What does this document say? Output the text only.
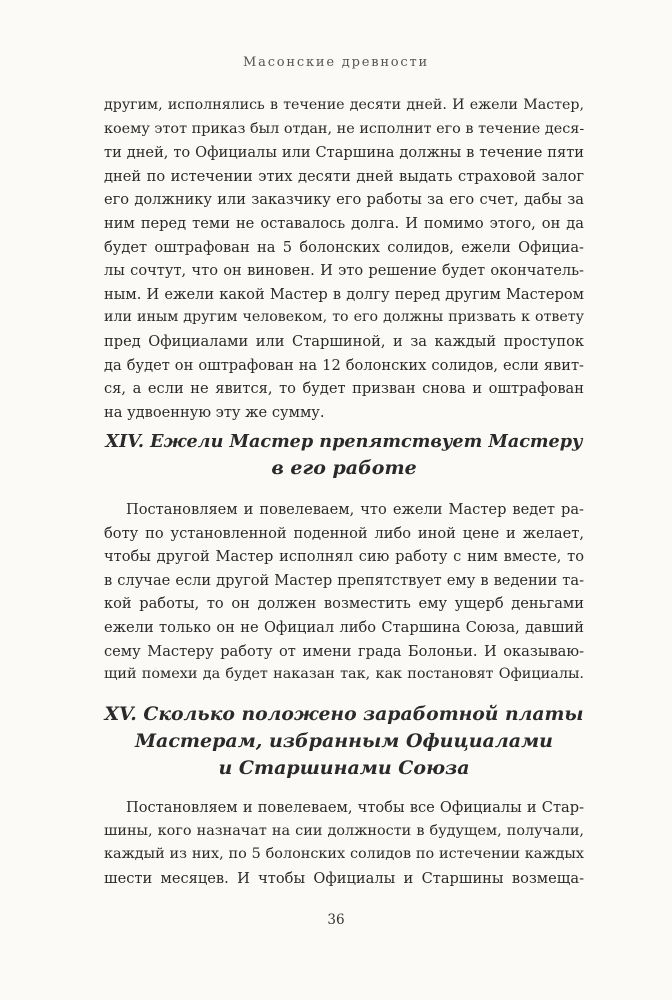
Масонские древности
другим, исполнялись в течение десяти дней. И ежели Мастер,
коему этот приказ был отдан, не исполнит его в течение деся-
ти дней, то Официалы или Старшина должны в течение пяти
дней по истечении этих десяти дней выдать страховой залог
его должнику или заказчику его работы за его счет, дабы за
ним перед теми не оставалось долга. И помимо этого, он да
будет оштрафован на 5 болонских солидов, ежели Официа-
лы сочтут, что он виновен. И это решение будет окончатель-
ным. И ежели какой Мастер в долгу перед другим Мастером
или иным другим человеком, то его должны призвать к ответу
пред Официалами или Старшиной, и за каждый проступок
да будет он оштрафован на 12 болонских солидов, если явит-
ся, а если не явится, то будет призван снова и оштрафован
на удвоенную эту же сумму.
XIV. Ежели Мастер препятствует Мастеру
в его работе
Постановляем и повелеваем, что ежели Мастер ведет ра-
боту по установленной поденной либо иной цене и желает,
чтобы другой Мастер исполнял сию работу с ним вместе, то
в случае если другой Мастер препятствует ему в ведении та-
кой работы, то он должен возместить ему ущерб деньгами
ежели только он не Официал либо Старшина Союза, давший
сему Мастеру работу от имени града Болоньи. И оказываю-
щий помехи да будет наказан так, как постановят Официалы.
XV. Сколько положено заработной платы
Мастерам, избранным Официалами
и Старшинами Союза
Постановляем и повелеваем, чтобы все Официалы и Стар-
шины, кого назначат на сии должности в будущем, получали,
каждый из них, по 5 болонских солидов по истечении каждых
шести месяцев. И чтобы Официалы и Старшины возмеща-
36
